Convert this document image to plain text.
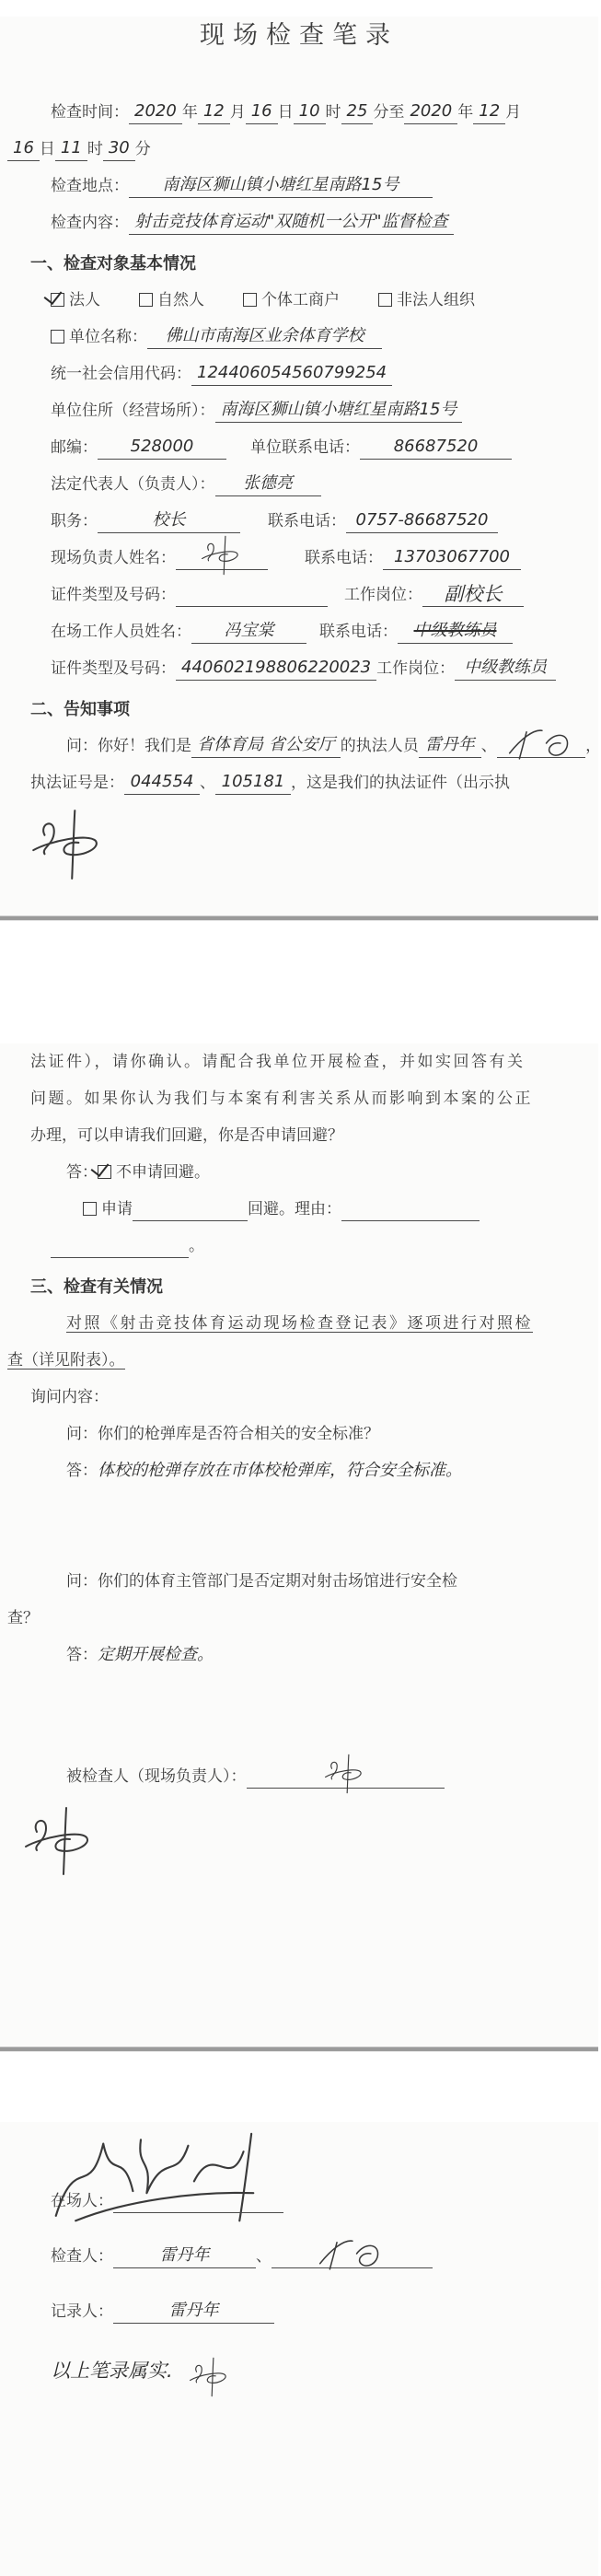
现场检查笔录
检查时间： 2020 年 12 月 16 日 10 时 25 分至 2020 年 12 月
16 日 11 时 30 分
检查地点： 南海区狮山镇小塘红星南路15号
检查内容： 射击竞技体育运动"双随机一公开"监督检查
一、检查对象基本情况
法人	自然人	个体工商户	非法人组织
单位名称： 佛山市南海区业余体育学校
统一社会信用代码： 124406054560799254
单位住所（经营场所）： 南海区狮山镇小塘红星南路15号
邮编： 528000	单位联系电话： 86687520
法定代表人（负责人）： 张德亮
职务：	校长	联系电话： 0757-86687520
现场负责人姓名：	联系电话： 13703067700
证件类型及号码：	工作岗位： 副校长
在场工作人员姓名： 冯宝棠	联系电话： 中级教练员
证件类型及号码： 440602198806220023 工作岗位： 中级教练员
二、告知事项
问：你好！我们是 省体育局 省公安厅 的执法人员 雷丹年 、	，
执法证号是： 044554 、 105181 ，这是我们的执法证件（出示执
法证件），请你确认。请配合我单位开展检查，并如实回答有关
问题。如果你认为我们与本案有利害关系从而影响到本案的公正
办理，可以申请我们回避，你是否申请回避？
答： 不申请回避。
申请	回避。理由：
。
三、检查有关情况
对照《射击竞技体育运动现场检查登记表》逐项进行对照检
查（详见附表）。
询问内容：
问：你们的枪弹库是否符合相关的安全标准？
答：体校的枪弹存放在市体校枪弹库，符合安全标准。
问：你们的体育主管部门是否定期对射击场馆进行安全检
查？
答：定期开展检查。
被检查人（现场负责人）：
在场人：
检查人：	雷丹年	、
记录人：	雷丹年
以上笔录属实.
